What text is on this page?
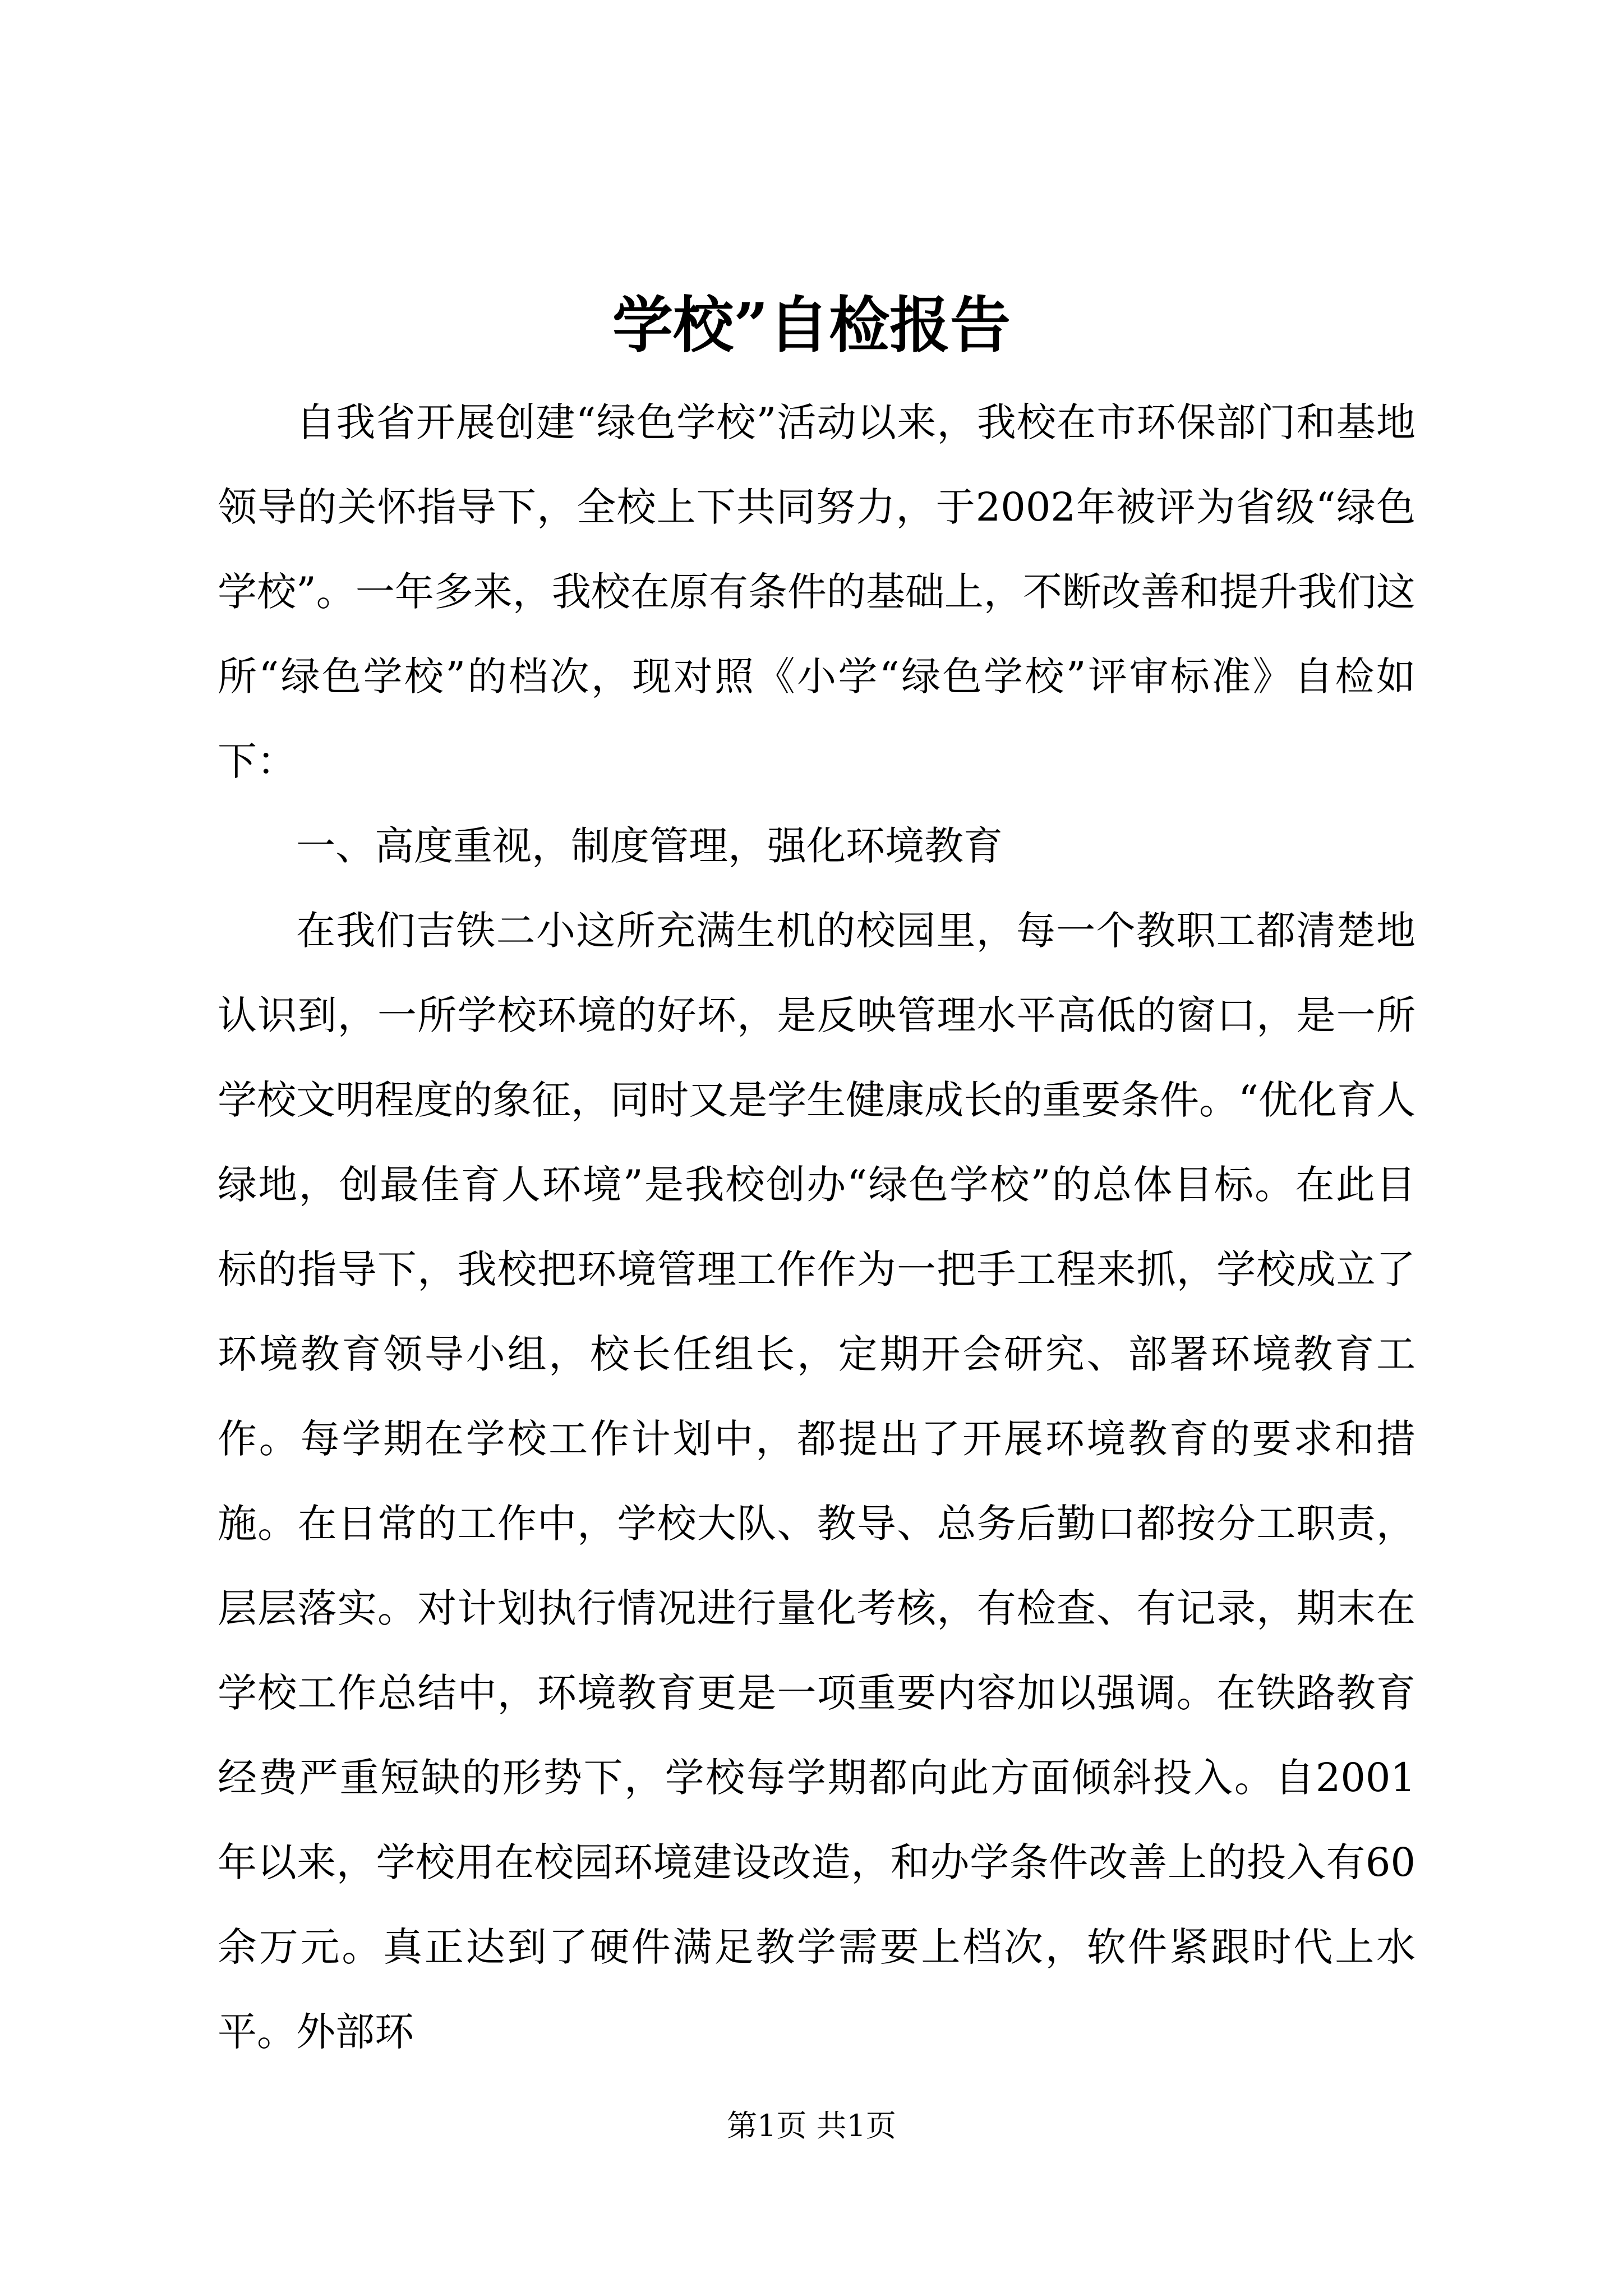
学校”自检报告

自我省开展创建“绿色学校”活动以来，我校在市环保部门和基地领导的关怀指导下，全校上下共同努力，于2002年被评为省级“绿色学校”。一年多来，我校在原有条件的基础上，不断改善和提升我们这所“绿色学校”的档次，现对照《小学“绿色学校”评审标准》自检如下：

一、高度重视，制度管理，强化环境教育

在我们吉铁二小这所充满生机的校园里，每一个教职工都清楚地认识到，一所学校环境的好坏，是反映管理水平高低的窗口，是一所学校文明程度的象征，同时又是学生健康成长的重要条件。“优化育人绿地，创最佳育人环境”是我校创办“绿色学校”的总体目标。在此目标的指导下，我校把环境管理工作作为一把手工程来抓，学校成立了环境教育领导小组，校长任组长，定期开会研究、部署环境教育工作。每学期在学校工作计划中，都提出了开展环境教育的要求和措施。在日常的工作中，学校大队、教导、总务后勤口都按分工职责，层层落实。对计划执行情况进行量化考核，有检查、有记录，期末在学校工作总结中，环境教育更是一项重要内容加以强调。在铁路教育经费严重短缺的形势下，学校每学期都向此方面倾斜投入。自2001年以来，学校用在校园环境建设改造，和办学条件改善上的投入有60余万元。真正达到了硬件满足教学需要上档次，软件紧跟时代上水平。外部环

第1页 共1页
